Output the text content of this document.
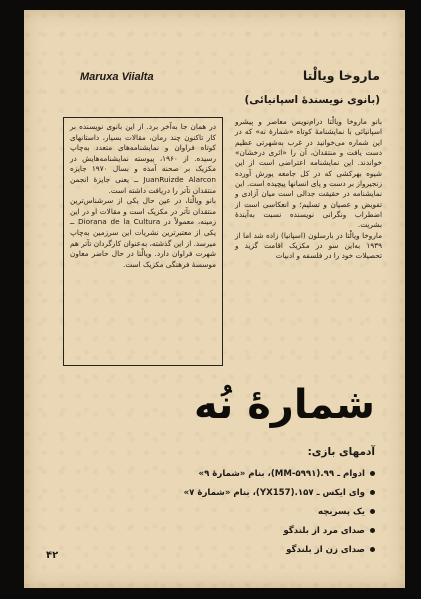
Maruxa Viialta	ماروخا ویالْتا
(بانوی نویسندهٔ اسپانیائی)

بانو ماروخا ویالْتا درام‌نویس معاصر و پیشرو اسپانیائی با نمایشنامهٔ کوتاه «شمارهٔ نه» که در این شماره می‌خوانید در غرب به‌شهرتی عظیم دست یافت و منتقدان، آن را «اثری درخشان» خواندند. این نمایشنامه اعتراضی است از این شیوه بهرکشی که در کل جامعه یورش آورده زنجیرواز بر دست و پای انسانها پیچیده است. این نمایشنامه در حقیقت جدالی است میان آزادی و تفویض و عصیان و تسلیم؛ و انعکاسی است از اضطراب ونگرانی نویسنده نسبت به‌آیندهٔ بشریت.

ماروخا ویالْتا در بارسلون (اسپانیا) زاده شد اما از ۱۹۳۹ به‌این سو در مکزیک اقامت گزید و تحصیلات خود را در فلسفه و ادبیات

در همان جا به‌آخر برد. از این بانوی نویسنده بر کار تاکنون چند رمان، مقالات بسیار، داستانهای کوتاه فراوان و نمایشنامه‌های متعدد به‌چاپ رسیده. از ۱۹۶۰، پیوسته نمایشنامه‌هایش در مکزیک بر صحنه آمده و بسال ۱۹۷۰ جایزه JuanRuizde Alarcon ــ یعنی جایزهٔ انجمن منتقدان تآتر را دریافت داشته است.

بانو ویالْتا، در عین حال یکی از سرشناس‌ترین منتقدان تآتر در مکزیک است و مقالات او در این زمینه، معمولاً در Diorana de la Cultura ــ یکی از معتبرترین نشریات این سرزمین به‌چاپ میرسد. از این گذشته، به‌عنوان کارگردان تآتر هم شهرت فراوان دارد. ویالْتا در حال حاضر معاون موسسهٔ فرهنگی مکزیک است.

شمارهٔ نُه
آدمهای بازی:
ادوام ـ ۹۹.(MM-۵۹۹۱)، بنام «شمارهٔ ۹»
وای ایکس ـ ۱۵۷.(YX157)، بنام «شمارهٔ ۷»
یک پسربچه
صدای مرد از بلندگو
صدای زن از بلندگو
۴۲
